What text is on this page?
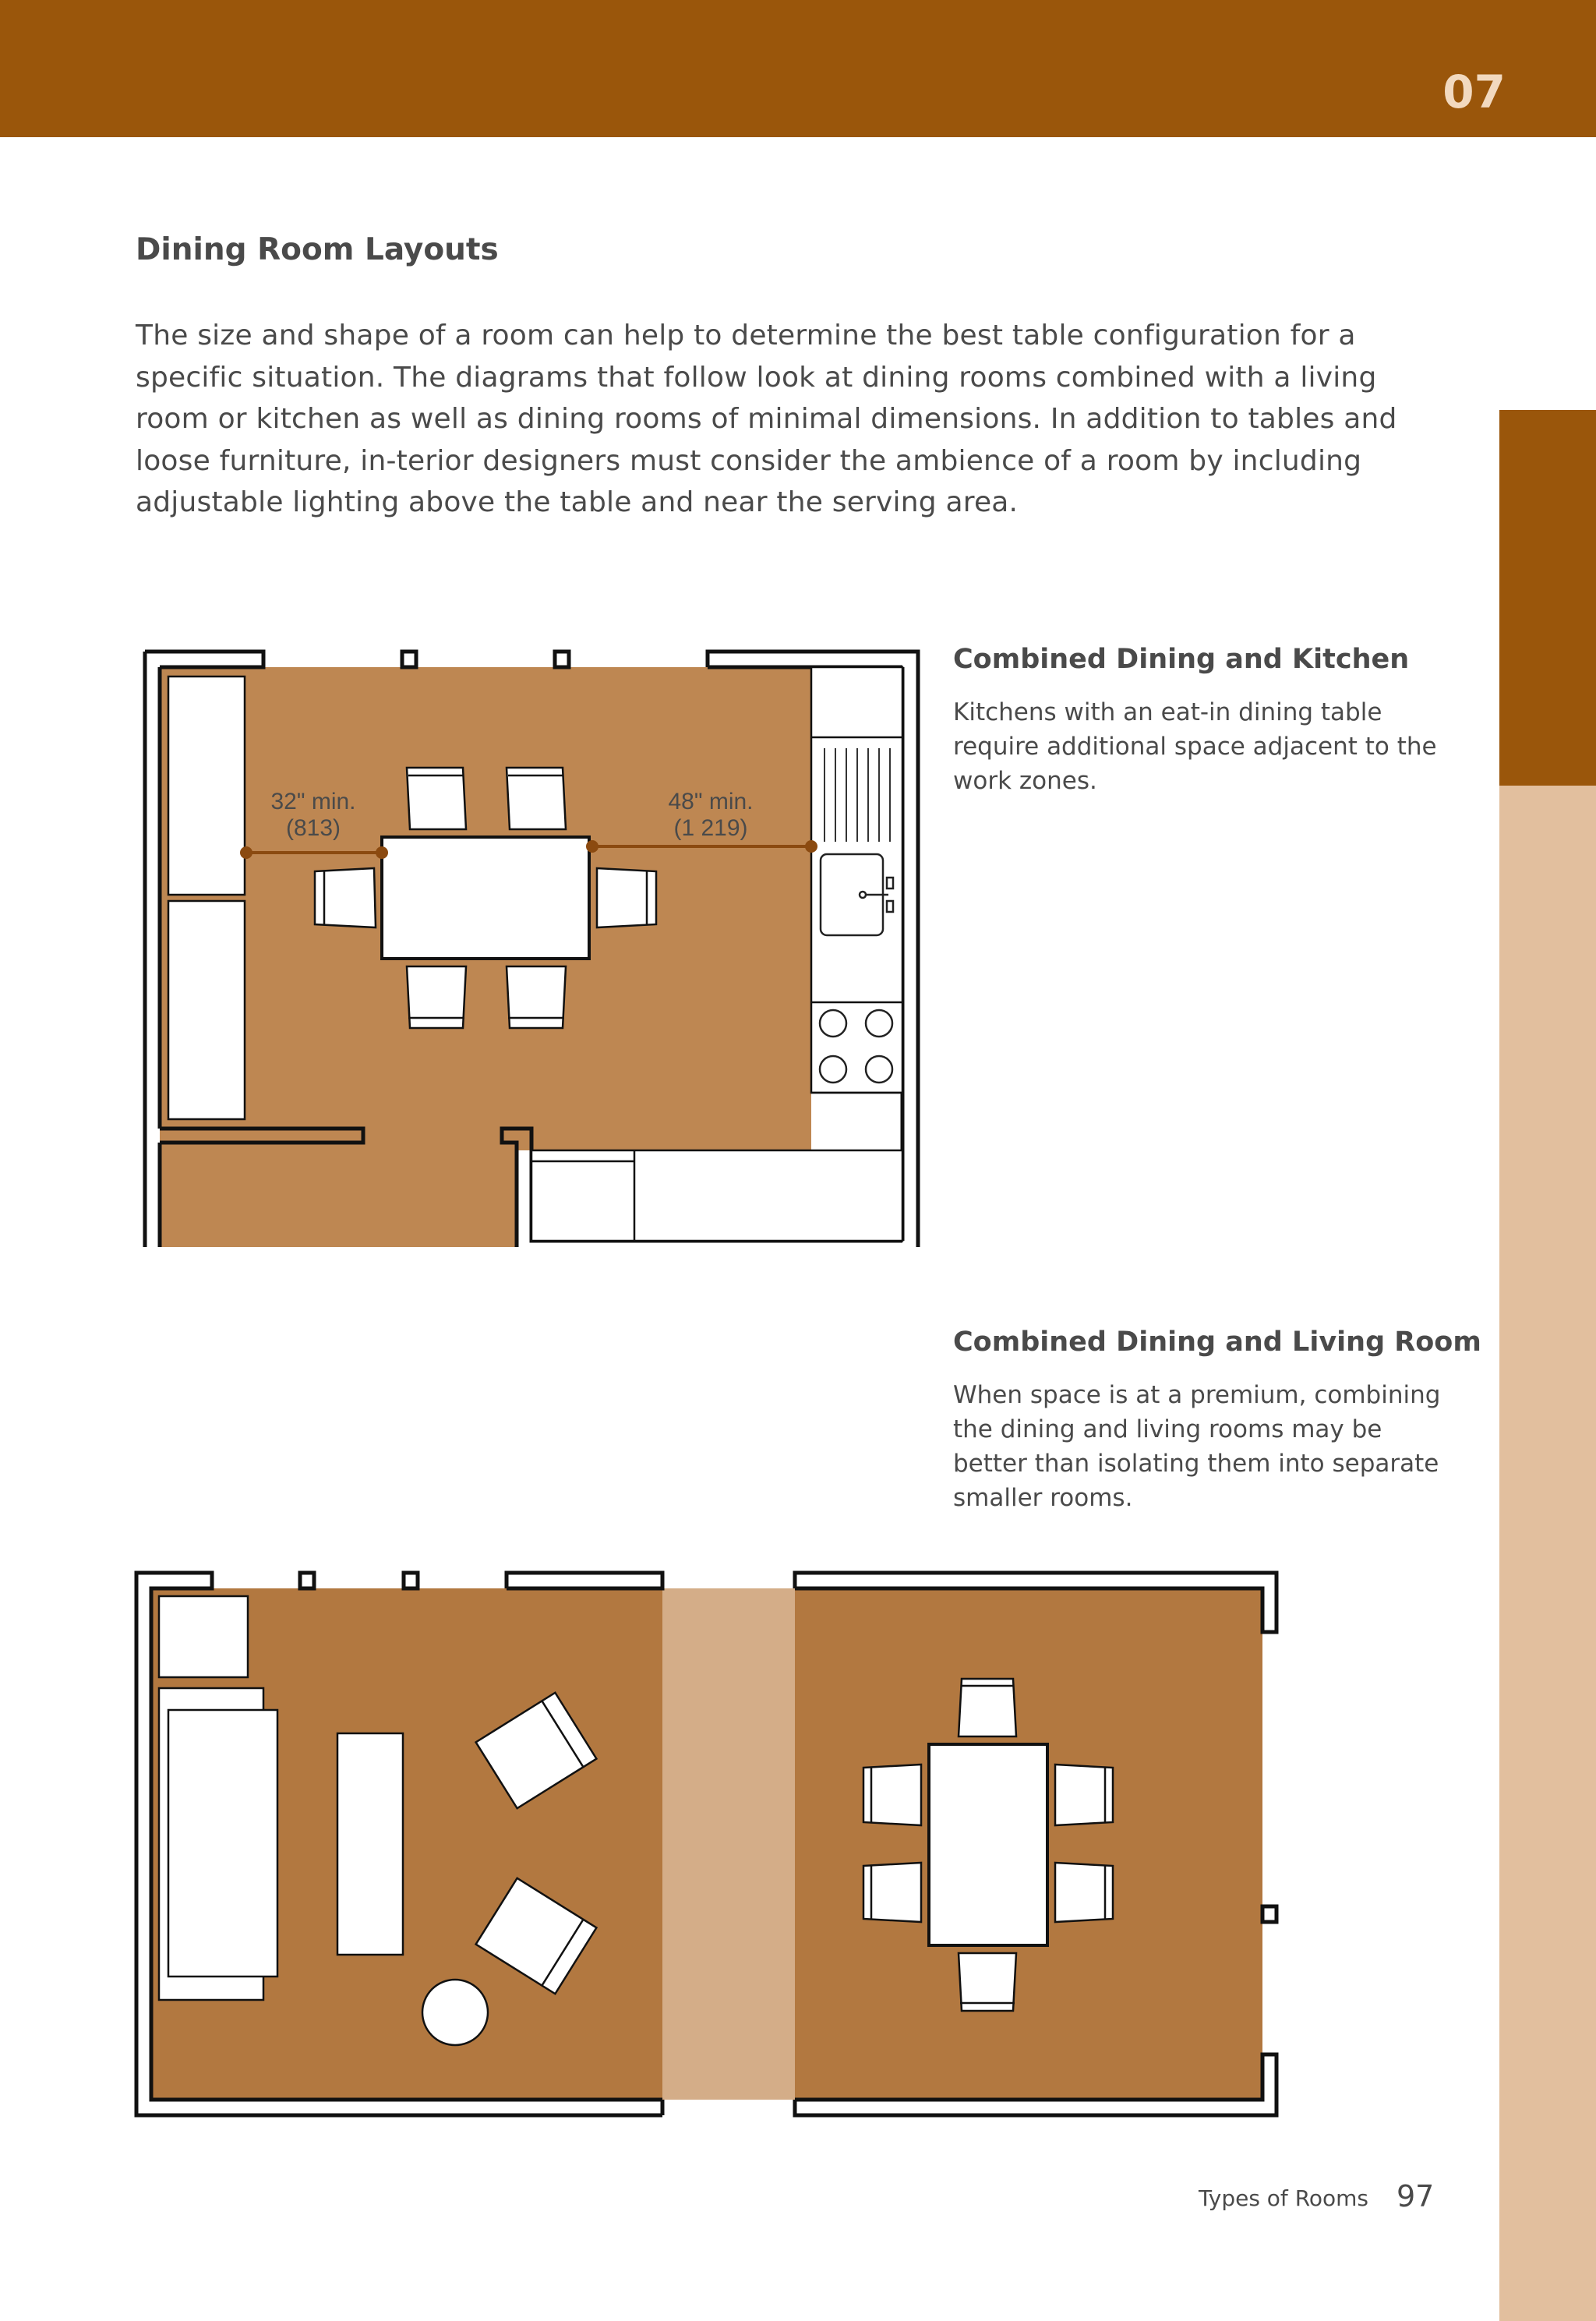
07
Dining Room Layouts

The size and shape of a room can help to determine the best table configuration for a specific situation. The diagrams that follow look at dining rooms combined with a living room or kitchen as well as dining rooms of minimal dimensions. In addition to tables and loose furniture, in-terior designers must consider the ambience of a room by including adjustable lighting above the table and near the serving area.

Combined Dining and Kitchen

Kitchens with an eat-in dining table require additional space adjacent to the work zones.

Combined Dining and Living Room

When space is at a premium, combining the dining and living rooms may be better than isolating them into separate smaller rooms.

32" min.
(813)
48" min.
(1 219)
Types of Rooms 97
